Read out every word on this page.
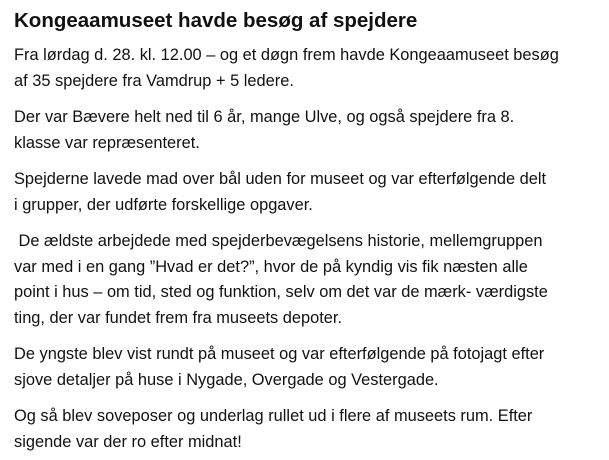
Kongeaamuseet havde besøg af spejdere

Fra lørdag d. 28. kl. 12.00 – og et døgn frem havde Kongeaamuseet besøg
af 35 spejdere fra Vamdrup + 5 ledere.

Der var Bævere helt ned til 6 år, mange Ulve, og også spejdere fra 8.
klasse var repræsenteret.

Spejderne lavede mad over bål uden for museet og var efterfølgende delt
i grupper, der udførte forskellige opgaver.

De ældste arbejdede med spejderbevægelsens historie, mellemgruppen
var med i en gang ”Hvad er det?”, hvor de på kyndig vis fik næsten alle
point i hus – om tid, sted og funktion, selv om det var de mærk- værdigste
ting, der var fundet frem fra museets depoter.

De yngste blev vist rundt på museet og var efterfølgende på fotojagt efter
sjove detaljer på huse i Nygade, Overgade og Vestergade.

Og så blev soveposer og underlag rullet ud i flere af museets rum. Efter
sigende var der ro efter midnat!
